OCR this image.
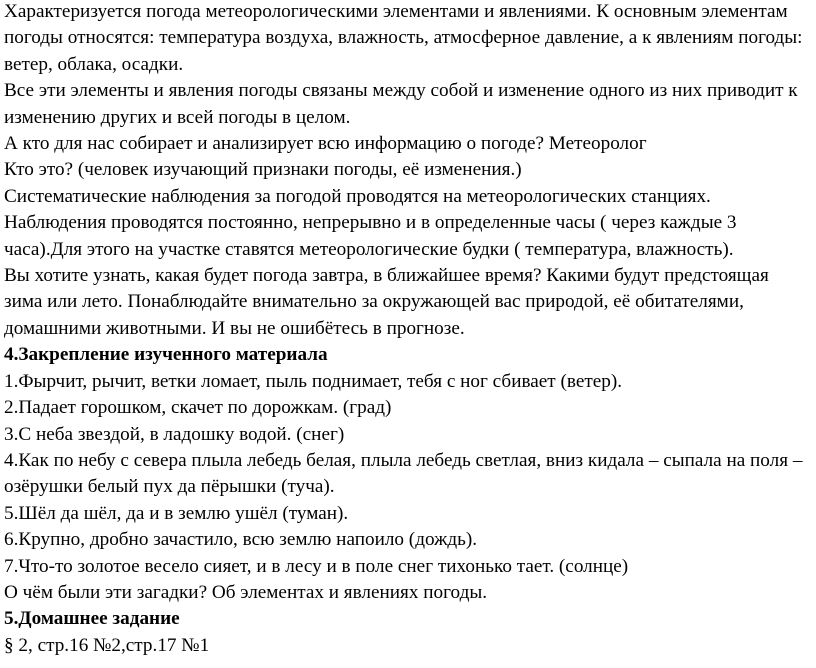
Характеризуется погода метеорологическими элементами и явлениями. К основным элементам
погоды относятся: температура воздуха, влажность, атмосферное давление, а к явлениям погоды:
ветер, облака, осадки.
Все эти элементы и явления погоды связаны между собой и изменение одного из них приводит к
изменению других и всей погоды в целом.
А кто для нас собирает и анализирует всю информацию о погоде? Метеоролог
Кто это? (человек изучающий признаки погоды, её изменения.)
Систематические наблюдения за погодой проводятся на метеорологических станциях.
Наблюдения проводятся постоянно, непрерывно и в определенные часы ( через каждые 3
часа).Для этого на участке ставятся метеорологические будки ( температура, влажность).
Вы хотите узнать, какая будет погода завтра, в ближайшее время? Какими будут предстоящая
зима или лето. Понаблюдайте внимательно за окружающей вас природой, её обитателями,
домашними животными. И вы не ошибётесь в прогнозе.
4.Закрепление изученного материала
1.Фырчит, рычит, ветки ломает, пыль поднимает, тебя с ног сбивает (ветер).
2.Падает горошком, скачет по дорожкам. (град)
3.С неба звездой, в ладошку водой. (снег)
4.Как по небу с севера плыла лебедь белая, плыла лебедь светлая, вниз кидала – сыпала на поля –
озёрушки белый пух да пёрышки (туча).
5.Шёл да шёл, да и в землю ушёл (туман).
6.Крупно, дробно зачастило, всю землю напоило (дождь).
7.Что-то золотое весело сияет, и в лесу и в поле снег тихонько тает. (солнце)
О чём были эти загадки? Об элементах и явлениях погоды.
5.Домашнее задание
§ 2, стр.16 №2,стр.17 №1
